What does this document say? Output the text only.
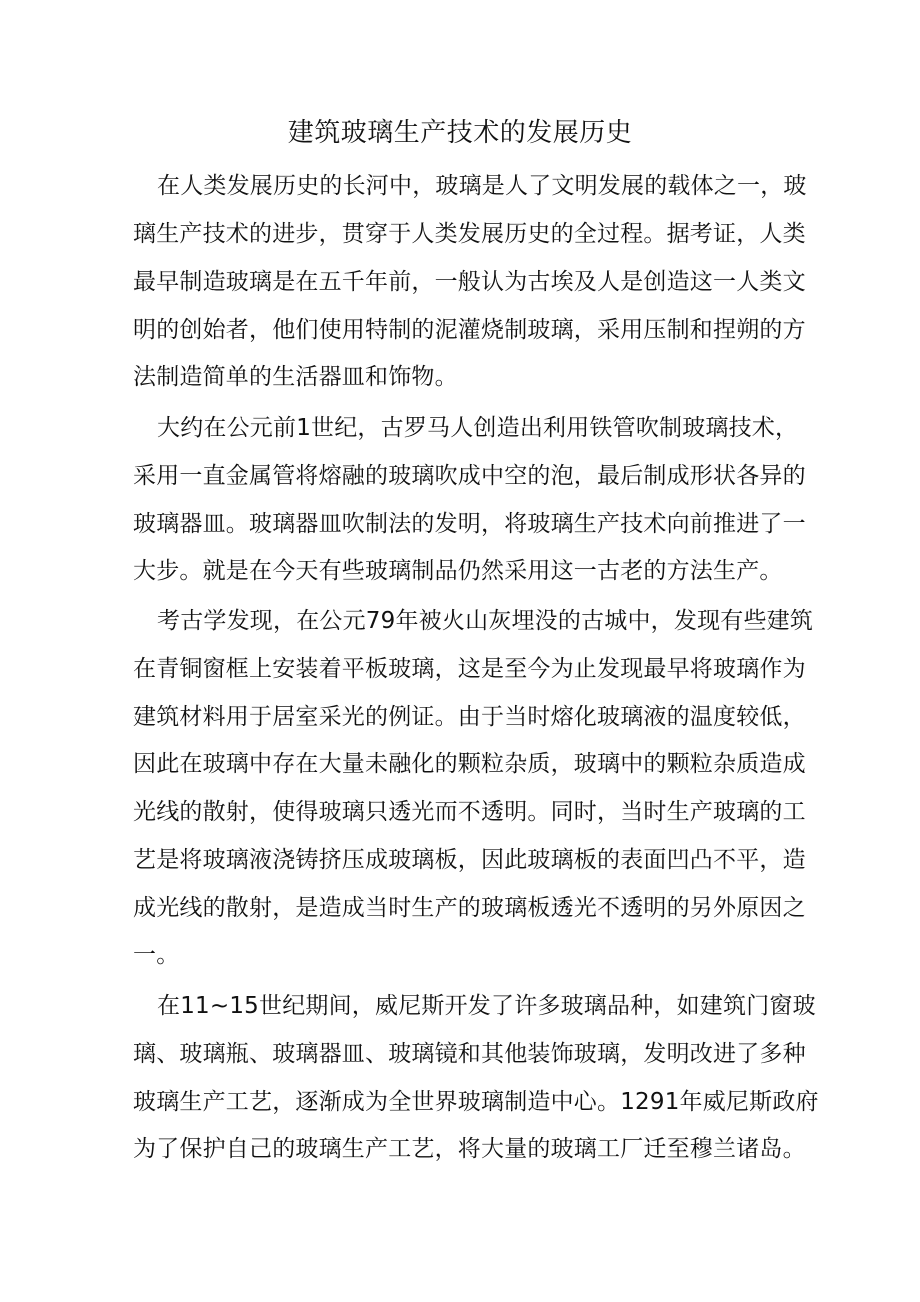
建筑玻璃生产技术的发展历史
在人类发展历史的长河中，玻璃是人了文明发展的载体之一，玻
璃生产技术的进步，贯穿于人类发展历史的全过程。据考证，人类
最早制造玻璃是在五千年前，一般认为古埃及人是创造这一人类文
明的创始者，他们使用特制的泥灌烧制玻璃，采用压制和捏朔的方
法制造简单的生活器皿和饰物。
大约在公元前1世纪，古罗马人创造出利用铁管吹制玻璃技术，
采用一直金属管将熔融的玻璃吹成中空的泡，最后制成形状各异的
玻璃器皿。玻璃器皿吹制法的发明，将玻璃生产技术向前推进了一
大步。就是在今天有些玻璃制品仍然采用这一古老的方法生产。
考古学发现，在公元79年被火山灰埋没的古城中，发现有些建筑
在青铜窗框上安装着平板玻璃，这是至今为止发现最早将玻璃作为
建筑材料用于居室采光的例证。由于当时熔化玻璃液的温度较低，
因此在玻璃中存在大量未融化的颗粒杂质，玻璃中的颗粒杂质造成
光线的散射，使得玻璃只透光而不透明。同时，当时生产玻璃的工
艺是将玻璃液浇铸挤压成玻璃板，因此玻璃板的表面凹凸不平，造
成光线的散射，是造成当时生产的玻璃板透光不透明的另外原因之
一。
在11~15世纪期间，威尼斯开发了许多玻璃品种，如建筑门窗玻
璃、玻璃瓶、玻璃器皿、玻璃镜和其他装饰玻璃，发明改进了多种
玻璃生产工艺，逐渐成为全世界玻璃制造中心。1291年威尼斯政府
为了保护自己的玻璃生产工艺，将大量的玻璃工厂迁至穆兰诸岛。
